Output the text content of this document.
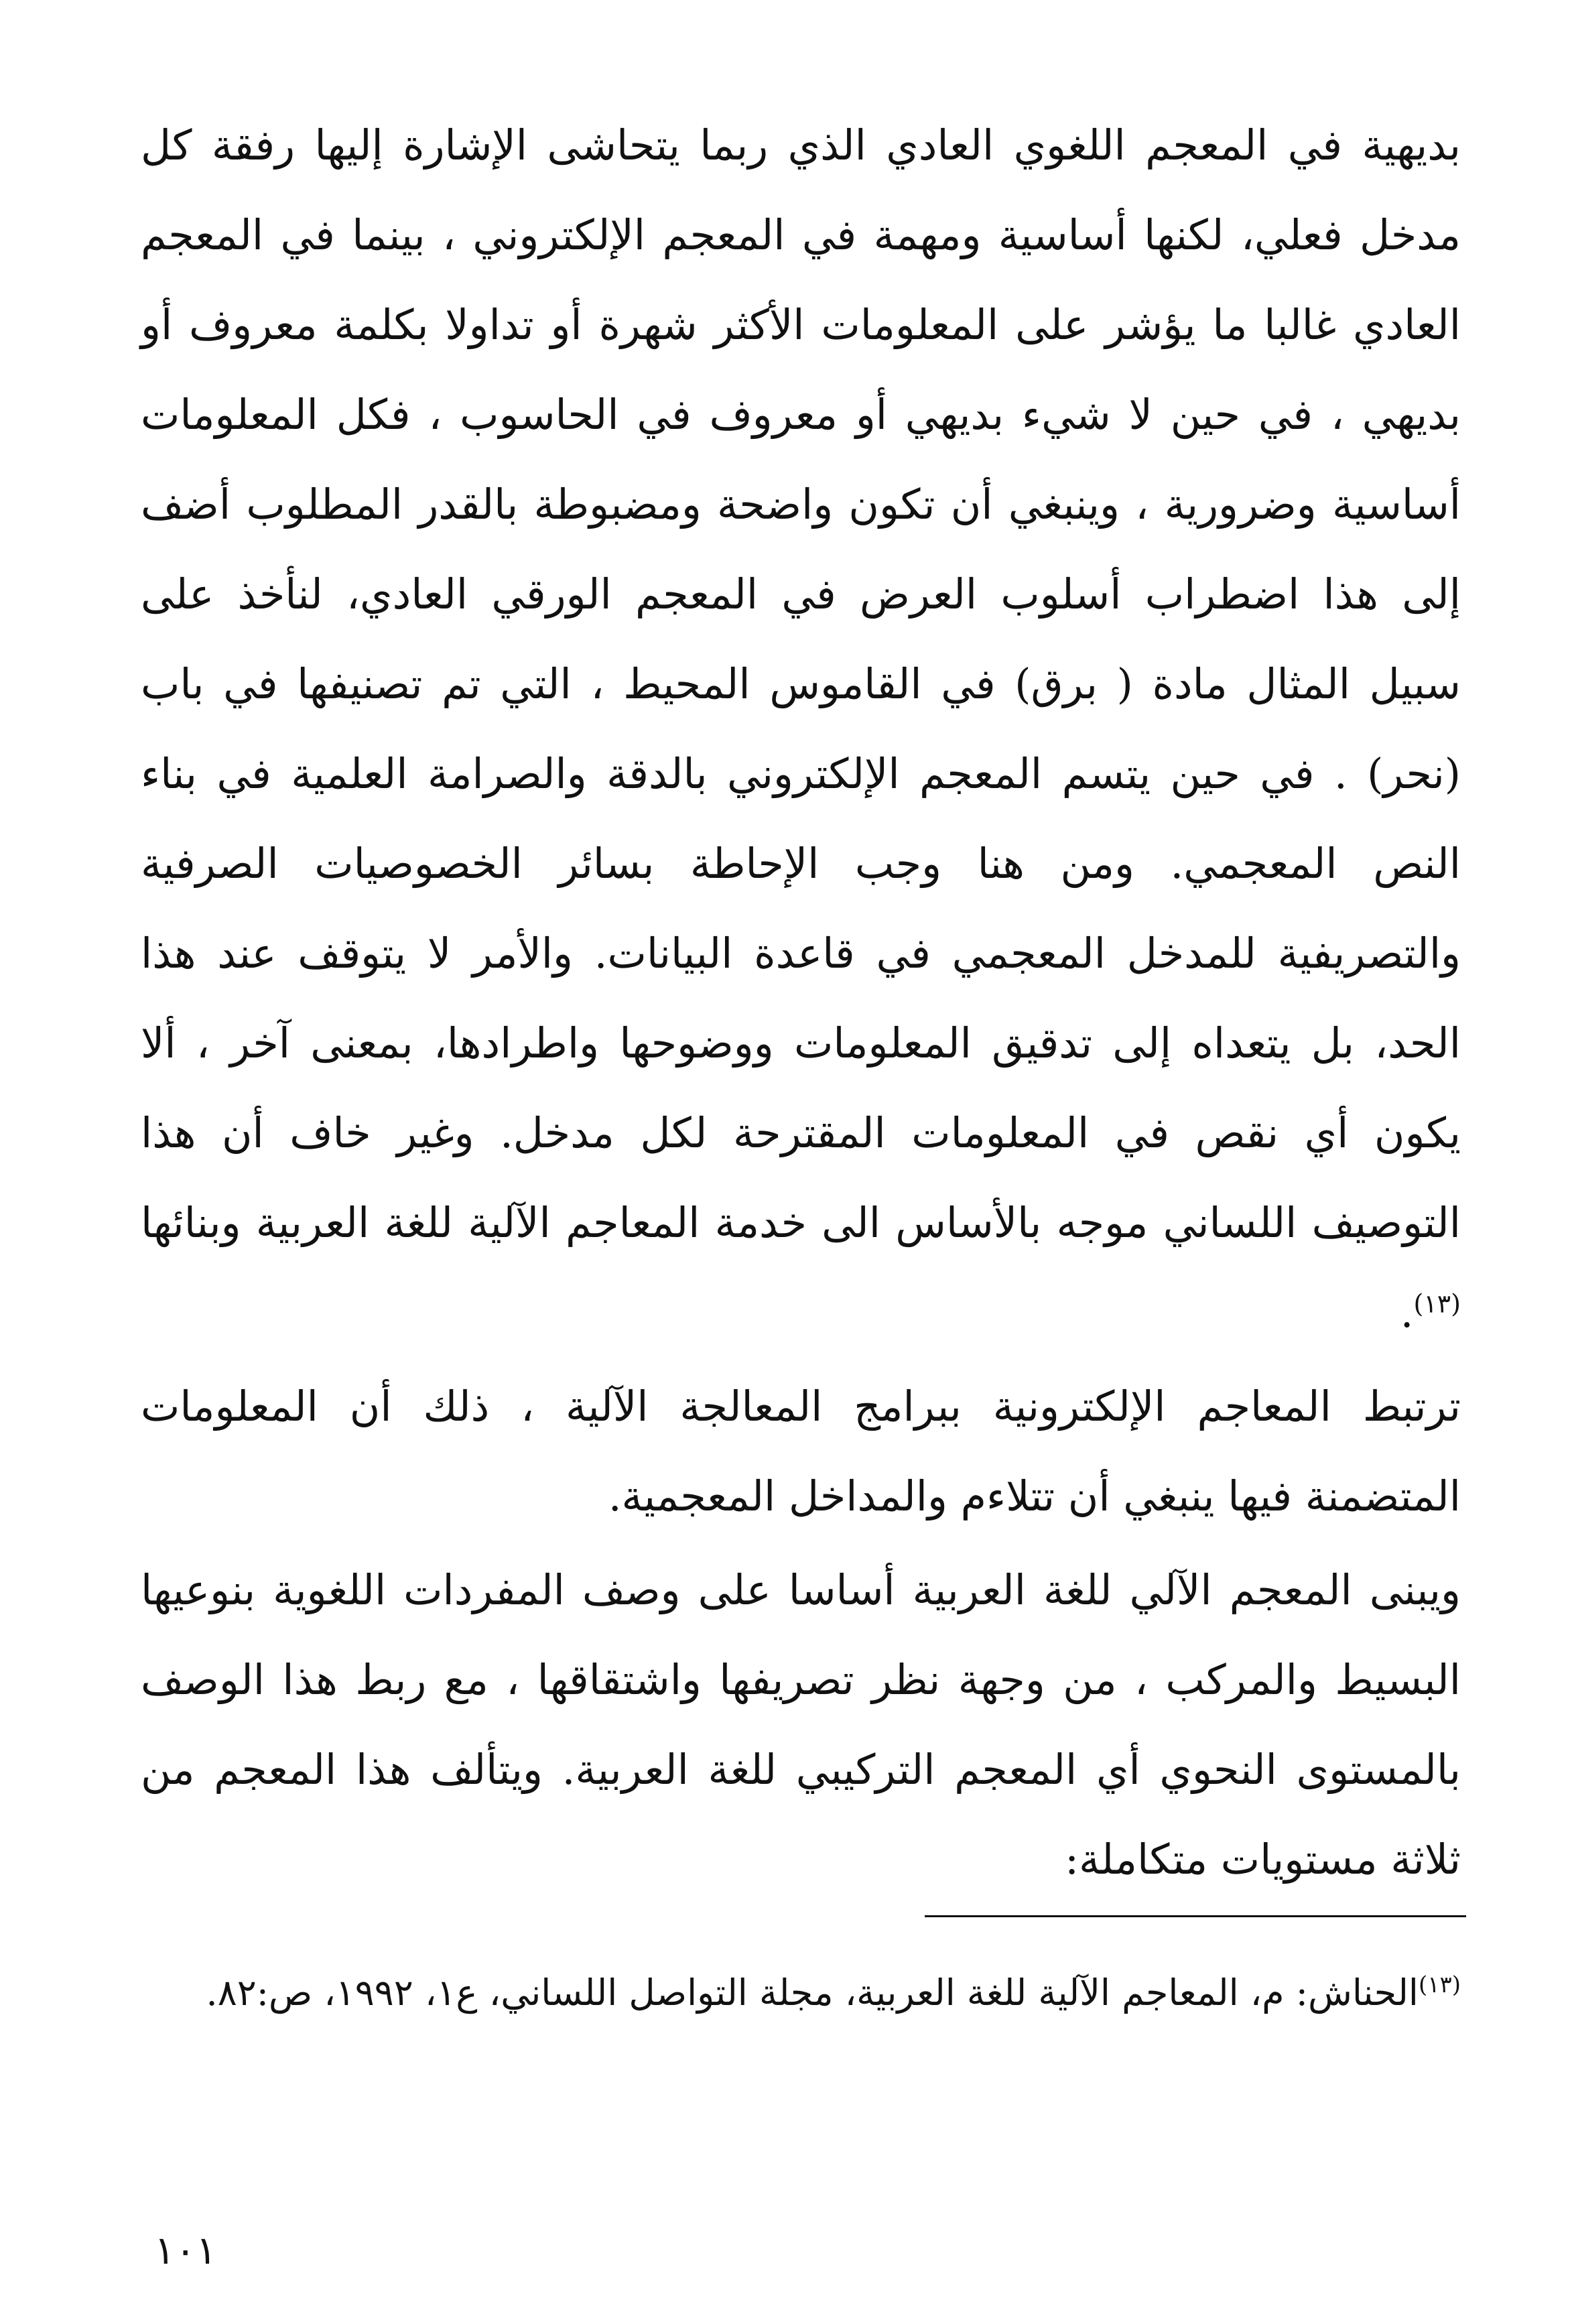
بديهية في المعجم اللغوي العادي الذي ربما يتحاشى الإشارة إليها رفقة كل مدخل فعلي، لكنها أساسية ومهمة في المعجم الإلكتروني ، بينما في المعجم العادي غالبا ما يؤشر على المعلومات الأكثر شهرة أو تداولا بكلمة معروف أو بديهي ، في حين لا شيء بديهي أو معروف في الحاسوب ، فكل المعلومات أساسية وضرورية ، وينبغي أن تكون واضحة ومضبوطة بالقدر المطلوب أضف إلى هذا اضطراب أسلوب العرض في المعجم الورقي العادي، لنأخذ على سبيل المثال مادة ( برق) في القاموس المحيط ، التي تم تصنيفها في باب (نحر) . في حين يتسم المعجم الإلكتروني بالدقة والصرامة العلمية في بناء النص المعجمي. ومن هنا وجب الإحاطة بسائر الخصوصيات الصرفية والتصريفية للمدخل المعجمي في قاعدة البيانات. والأمر لا يتوقف عند هذا الحد، بل يتعداه إلى تدقيق المعلومات ووضوحها واطرادها، بمعنى آخر ، ألا يكون أي نقص في المعلومات المقترحة لكل مدخل. وغير خاف أن هذا التوصيف اللساني موجه بالأساس الى خدمة المعاجم الآلية للغة العربية وبنائها $^{(١٣)}$.

ترتبط المعاجم الإلكترونية ببرامج المعالجة الآلية ، ذلك أن المعلومات المتضمنة فيها ينبغي أن تتلاءم والمداخل المعجمية.

ويبنى المعجم الآلي للغة العربية أساسا على وصف المفردات اللغوية بنوعيها البسيط والمركب ، من وجهة نظر تصريفها واشتقاقها ، مع ربط هذا الوصف بالمستوى النحوي أي المعجم التركيبي للغة العربية. ويتألف هذا المعجم من ثلاثة مستويات متكاملة:

$^{(١٣)}$الحناش: م، المعاجم الآلية للغة العربية، مجلة التواصل اللساني، ع١، ١٩٩٢، ص:٨٢.

١٠١
